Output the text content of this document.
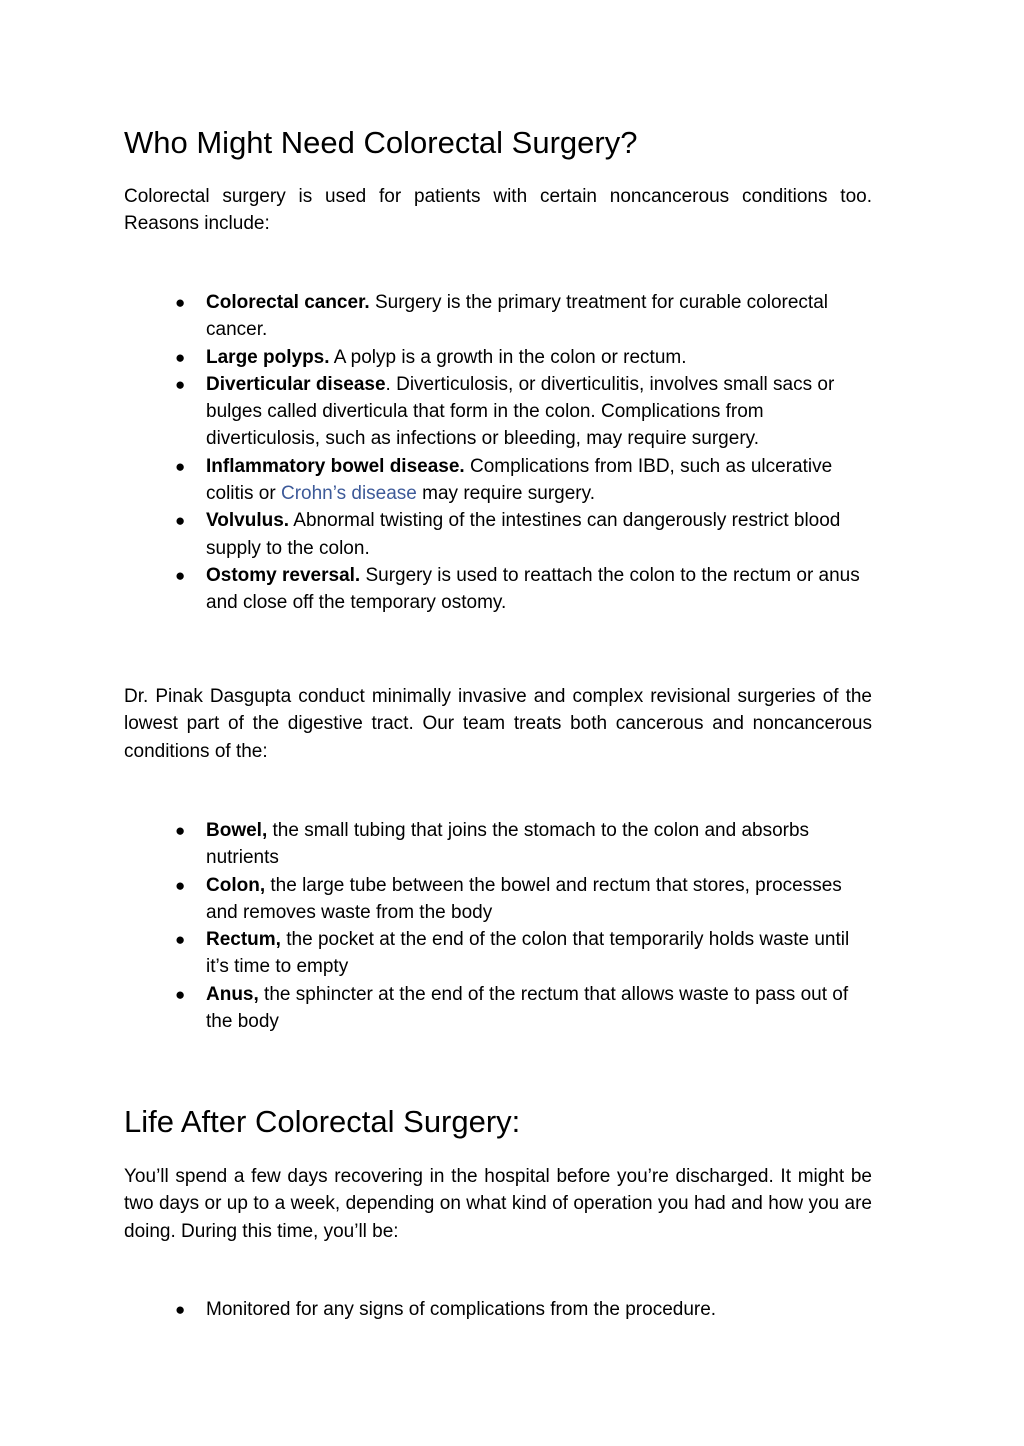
Who Might Need Colorectal Surgery?

Colorectal surgery is used for patients with certain noncancerous conditions too. Reasons include:

● Colorectal cancer. Surgery is the primary treatment for curable colorectal cancer.
● Large polyps. A polyp is a growth in the colon or rectum.
● Diverticular disease. Diverticulosis, or diverticulitis, involves small sacs or bulges called diverticula that form in the colon. Complications from diverticulosis, such as infections or bleeding, may require surgery.
● Inflammatory bowel disease. Complications from IBD, such as ulcerative colitis or Crohn’s disease may require surgery.
● Volvulus. Abnormal twisting of the intestines can dangerously restrict blood supply to the colon.
● Ostomy reversal. Surgery is used to reattach the colon to the rectum or anus and close off the temporary ostomy.

Dr. Pinak Dasgupta conduct minimally invasive and complex revisional surgeries of the lowest part of the digestive tract. Our team treats both cancerous and noncancerous conditions of the:

● Bowel, the small tubing that joins the stomach to the colon and absorbs nutrients
● Colon, the large tube between the bowel and rectum that stores, processes and removes waste from the body
● Rectum, the pocket at the end of the colon that temporarily holds waste until it’s time to empty
● Anus, the sphincter at the end of the rectum that allows waste to pass out of the body
Life After Colorectal Surgery:

You’ll spend a few days recovering in the hospital before you’re discharged. It might be two days or up to a week, depending on what kind of operation you had and how you are doing. During this time, you’ll be:

● Monitored for any signs of complications from the procedure.
